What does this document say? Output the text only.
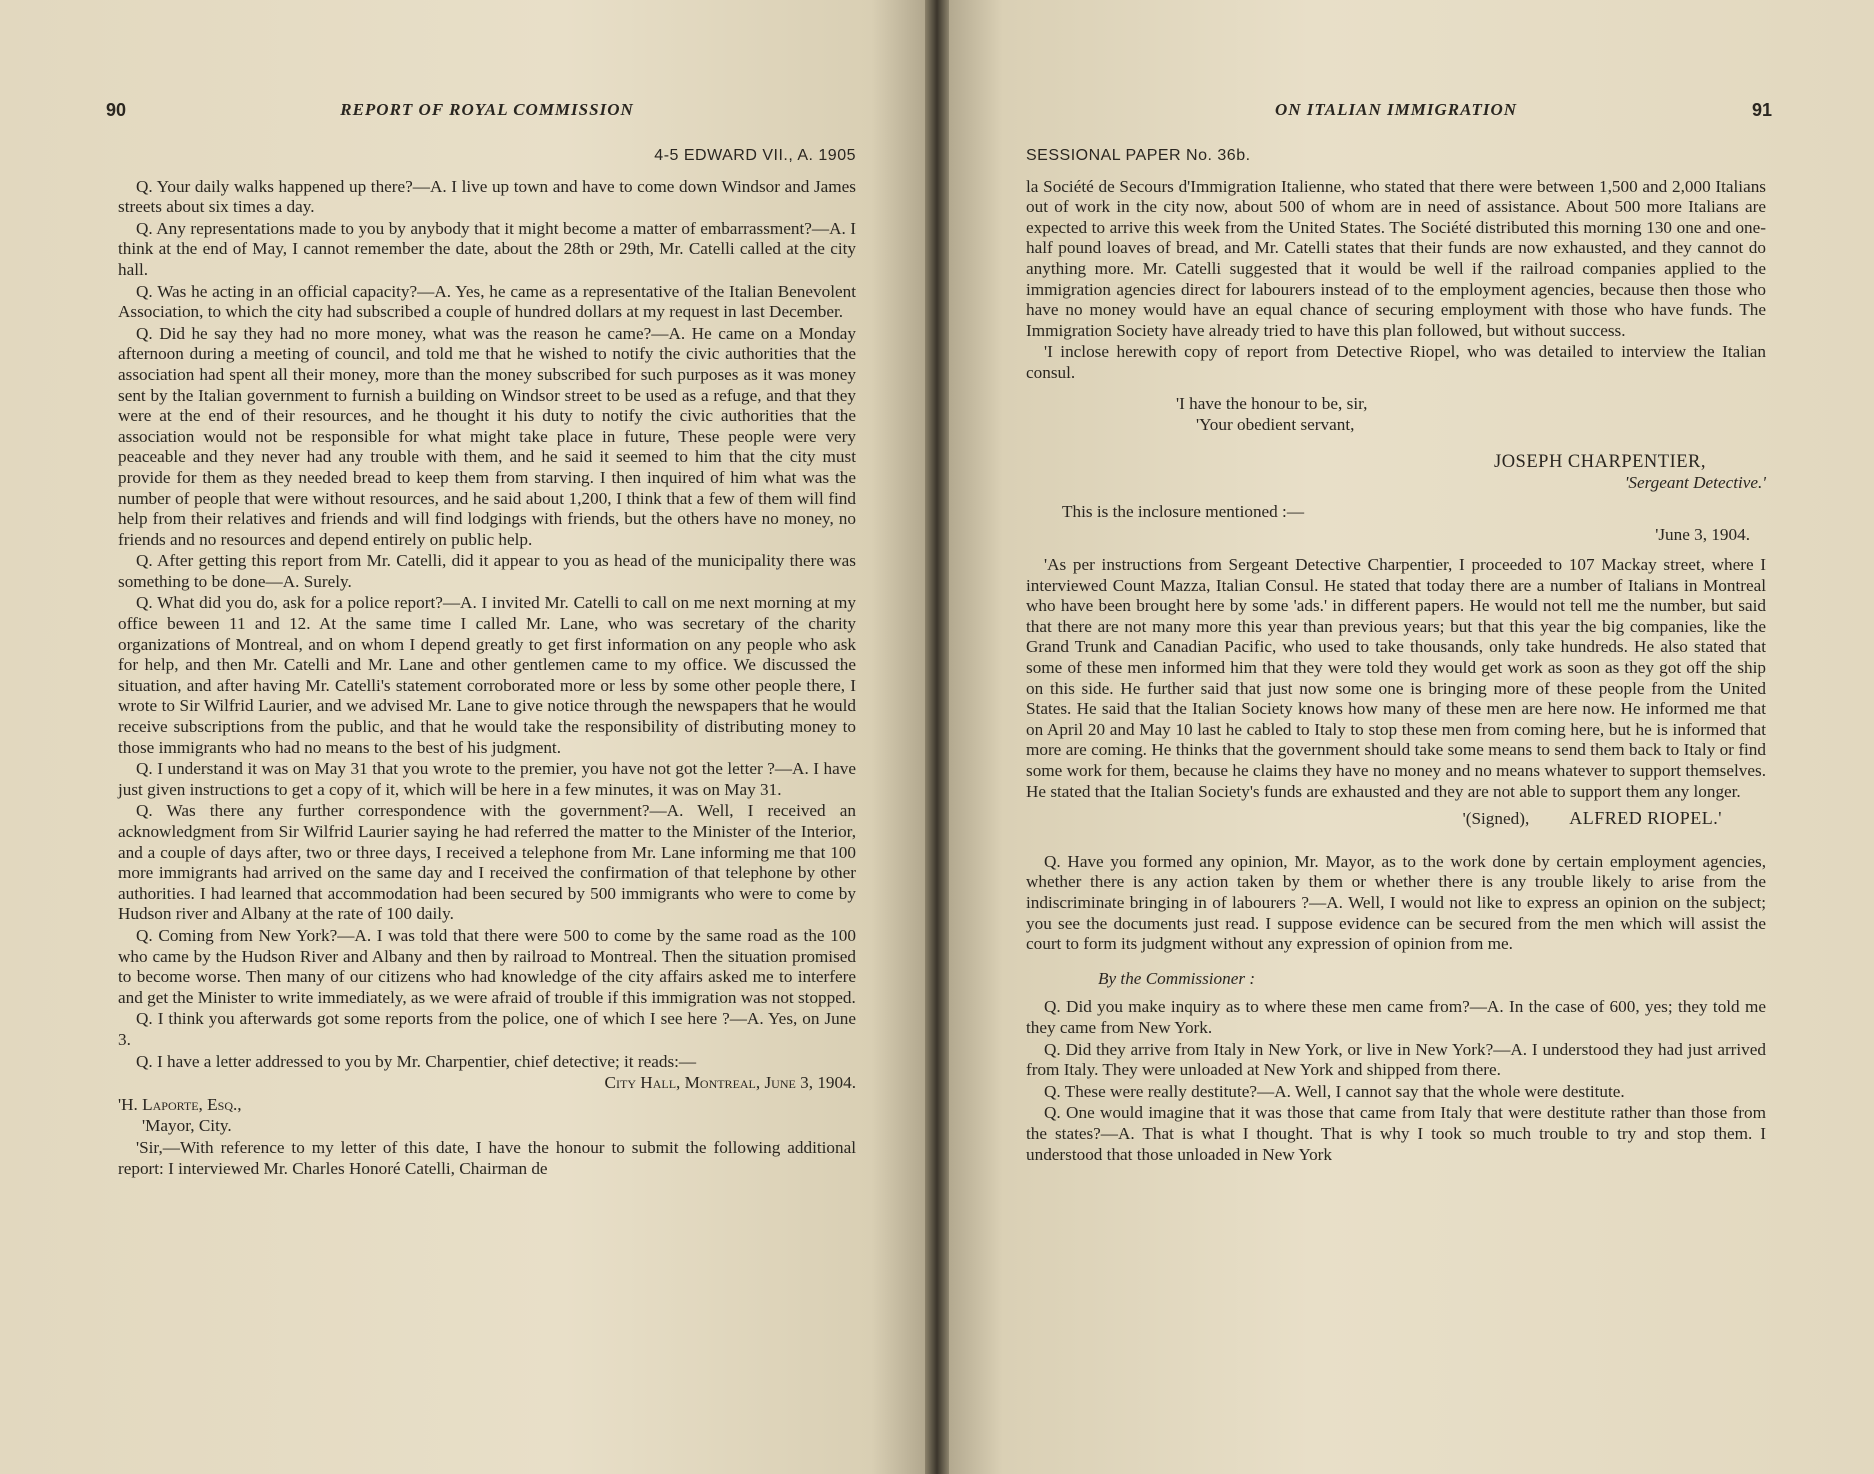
90	REPORT OF ROYAL COMMISSION
4-5 EDWARD VII., A. 1905

Q. Your daily walks happened up there?—A. I live up town and have to come down Windsor and James streets about six times a day.

Q. Any representations made to you by anybody that it might become a matter of embarrassment?—A. I think at the end of May, I cannot remember the date, about the 28th or 29th, Mr. Catelli called at the city hall.

Q. Was he acting in an official capacity?—A. Yes, he came as a representative of the Italian Benevolent Association, to which the city had subscribed a couple of hundred dollars at my request in last December.

Q. Did he say they had no more money, what was the reason he came?—A. He came on a Monday afternoon during a meeting of council, and told me that he wished to notify the civic authorities that the association had spent all their money, more than the money subscribed for such purposes as it was money sent by the Italian government to furnish a building on Windsor street to be used as a refuge, and that they were at the end of their resources, and he thought it his duty to notify the civic authorities that the association would not be responsible for what might take place in future, These people were very peaceable and they never had any trouble with them, and he said it seemed to him that the city must provide for them as they needed bread to keep them from starving. I then inquired of him what was the number of people that were without resources, and he said about 1,200, I think that a few of them will find help from their relatives and friends and will find lodgings with friends, but the others have no money, no friends and no resources and depend entirely on public help.

Q. After getting this report from Mr. Catelli, did it appear to you as head of the municipality there was something to be done—A. Surely.

Q. What did you do, ask for a police report?—A. I invited Mr. Catelli to call on me next morning at my office beween 11 and 12. At the same time I called Mr. Lane, who was secretary of the charity organizations of Montreal, and on whom I depend greatly to get first information on any people who ask for help, and then Mr. Catelli and Mr. Lane and other gentlemen came to my office. We discussed the situation, and after having Mr. Catelli's statement corroborated more or less by some other people there, I wrote to Sir Wilfrid Laurier, and we advised Mr. Lane to give notice through the newspapers that he would receive subscriptions from the public, and that he would take the responsibility of distributing money to those immigrants who had no means to the best of his judgment.

Q. I understand it was on May 31 that you wrote to the premier, you have not got the letter ?—A. I have just given instructions to get a copy of it, which will be here in a few minutes, it was on May 31.

Q. Was there any further correspondence with the government?—A. Well, I received an acknowledgment from Sir Wilfrid Laurier saying he had referred the matter to the Minister of the Interior, and a couple of days after, two or three days, I received a telephone from Mr. Lane informing me that 100 more immigrants had arrived on the same day and I received the confirmation of that telephone by other authorities. I had learned that accommodation had been secured by 500 immigrants who were to come by Hudson river and Albany at the rate of 100 daily.

Q. Coming from New York?—A. I was told that there were 500 to come by the same road as the 100 who came by the Hudson River and Albany and then by railroad to Montreal. Then the situation promised to become worse. Then many of our citizens who had knowledge of the city affairs asked me to interfere and get the Minister to write immediately, as we were afraid of trouble if this immigration was not stopped.

Q. I think you afterwards got some reports from the police, one of which I see here ?—A. Yes, on June 3.

Q. I have a letter addressed to you by Mr. Charpentier, chief detective; it reads:—

City Hall, Montreal, June 3, 1904.

'H. Laporte, Esq.,

'Mayor, City.

'Sir,—With reference to my letter of this date, I have the honour to submit the following additional report: I interviewed Mr. Charles Honoré Catelli, Chairman de

ON ITALIAN IMMIGRATION	91
SESSIONAL PAPER No. 36b.

la Société de Secours d'Immigration Italienne, who stated that there were between 1,500 and 2,000 Italians out of work in the city now, about 500 of whom are in need of assistance. About 500 more Italians are expected to arrive this week from the United States. The Société distributed this morning 130 one and one-half pound loaves of bread, and Mr. Catelli states that their funds are now exhausted, and they cannot do anything more. Mr. Catelli suggested that it would be well if the railroad companies applied to the immigration agencies direct for labourers instead of to the employment agencies, because then those who have no money would have an equal chance of securing employment with those who have funds. The Immigration Society have already tried to have this plan followed, but without success.

'I inclose herewith copy of report from Detective Riopel, who was detailed to interview the Italian consul.

'I have the honour to be, sir,

'Your obedient servant,

JOSEPH CHARPENTIER,

'Sergeant Detective.'

This is the inclosure mentioned :—

'June 3, 1904.

'As per instructions from Sergeant Detective Charpentier, I proceeded to 107 Mackay street, where I interviewed Count Mazza, Italian Consul. He stated that today there are a number of Italians in Montreal who have been brought here by some 'ads.' in different papers. He would not tell me the number, but said that there are not many more this year than previous years; but that this year the big companies, like the Grand Trunk and Canadian Pacific, who used to take thousands, only take hundreds. He also stated that some of these men informed him that they were told they would get work as soon as they got off the ship on this side. He further said that just now some one is bringing more of these people from the United States. He said that the Italian Society knows how many of these men are here now. He informed me that on April 20 and May 10 last he cabled to Italy to stop these men from coming here, but he is informed that more are coming. He thinks that the government should take some means to send them back to Italy or find some work for them, because he claims they have no money and no means whatever to support themselves. He stated that the Italian Society's funds are exhausted and they are not able to support them any longer.

'(Signed), ALFRED RIOPEL.'

Q. Have you formed any opinion, Mr. Mayor, as to the work done by certain employment agencies, whether there is any action taken by them or whether there is any trouble likely to arise from the indiscriminate bringing in of labourers ?—A. Well, I would not like to express an opinion on the subject; you see the documents just read. I suppose evidence can be secured from the men which will assist the court to form its judgment without any expression of opinion from me.

By the Commissioner :

Q. Did you make inquiry as to where these men came from?—A. In the case of 600, yes; they told me they came from New York.

Q. Did they arrive from Italy in New York, or live in New York?—A. I understood they had just arrived from Italy. They were unloaded at New York and shipped from there.

Q. These were really destitute?—A. Well, I cannot say that the whole were destitute.

Q. One would imagine that it was those that came from Italy that were destitute rather than those from the states?—A. That is what I thought. That is why I took so much trouble to try and stop them. I understood that those unloaded in New York
